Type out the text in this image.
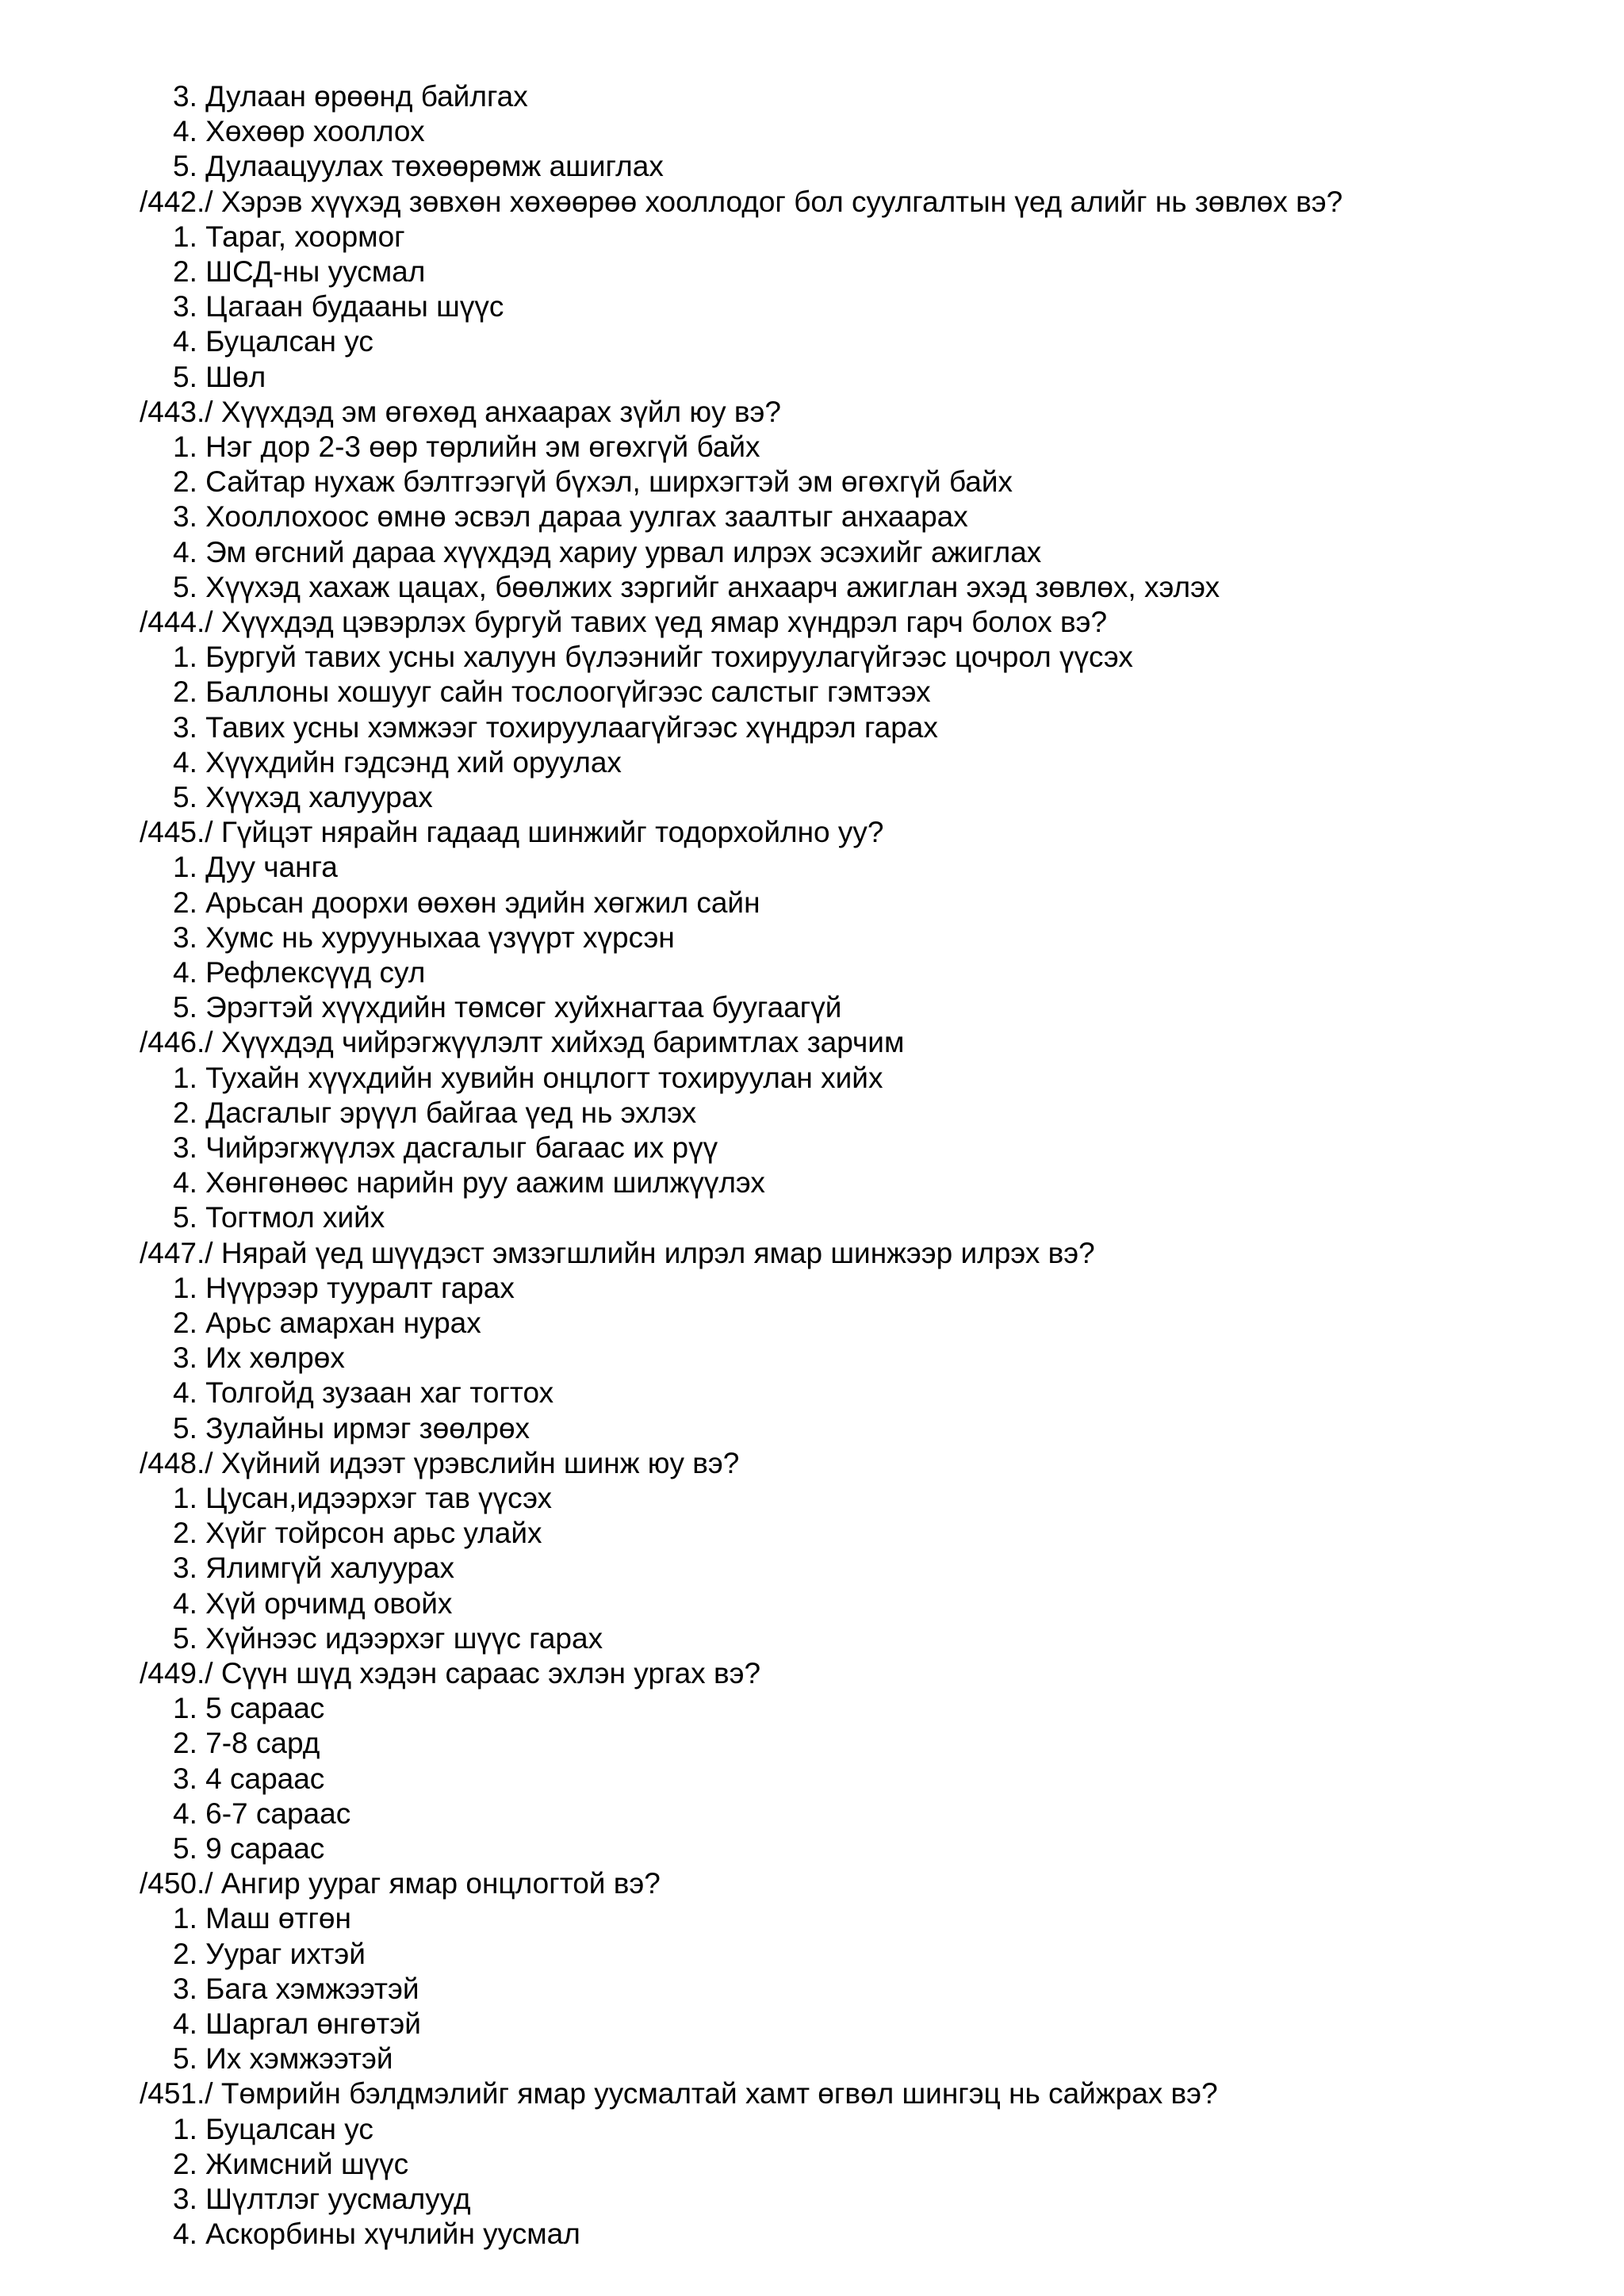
3. Дулаан өрөөнд байлгах
4. Хөхөөр хооллох
5. Дулаацуулах төхөөрөмж ашиглах
/442./ Хэрэв хүүхэд зөвхөн хөхөөрөө хооллодог бол суулгалтын үед алийг нь зөвлөх вэ?
1. Тараг, хоормог
2. ШСД-ны уусмал
3. Цагаан будааны шүүс
4. Буцалсан ус
5. Шөл
/443./ Хүүхдэд эм өгөхөд анхаарах зүйл юу вэ?
1. Нэг дор 2-3 өөр төрлийн эм өгөхгүй байх
2. Сайтар нухаж бэлтгээгүй бүхэл, ширхэгтэй эм өгөхгүй байх
3. Хооллохоос өмнө эсвэл дараа уулгах заалтыг анхаарах
4. Эм өгсний дараа хүүхдэд хариу урвал илрэх эсэхийг ажиглах
5. Хүүхэд хахаж цацах, бөөлжих зэргийг анхаарч ажиглан эхэд зөвлөх, хэлэх
/444./ Хүүхдэд цэвэрлэх бургуй тавих үед ямар хүндрэл гарч болох вэ?
1. Бургуй тавих усны халуун бүлээнийг тохируулагүйгээс цочрол үүсэх
2. Баллоны хошууг сайн тослоогүйгээс салстыг гэмтээх
3. Тавих усны хэмжээг тохируулаагүйгээс хүндрэл гарах
4. Хүүхдийн гэдсэнд хий оруулах
5. Хүүхэд халуурах
/445./ Гүйцэт нярайн гадаад шинжийг тодорхойлно уу?
1. Дуу чанга
2. Арьсан доорхи өөхөн эдийн хөгжил сайн
3. Хумс нь хурууныхаа үзүүрт хүрсэн
4. Рефлексүүд сул
5. Эрэгтэй хүүхдийн төмсөг хуйхнагтаа буугаагүй
/446./ Хүүхдэд чийрэгжүүлэлт хийхэд баримтлах зарчим
1. Тухайн хүүхдийн хувийн онцлогт тохируулан хийх
2. Дасгалыг эрүүл байгаа үед нь эхлэх
3. Чийрэгжүүлэх дасгалыг багаас их рүү
4. Хөнгөнөөс нарийн руу аажим шилжүүлэх
5. Тогтмол хийх
/447./ Нярай үед шүүдэст эмзэгшлийн илрэл ямар шинжээр илрэх вэ?
1. Нүүрээр тууралт гарах
2. Арьс амархан нурах
3. Их хөлрөх
4. Толгойд зузаан хаг тогтох
5. Зулайны ирмэг зөөлрөх
/448./ Хүйний идээт үрэвслийн шинж юу вэ?
1. Цусан,идээрхэг тав үүсэх
2. Хүйг тойрсон арьс улайх
3. Ялимгүй халуурах
4. Хүй орчимд овойх
5. Хүйнээс идээрхэг шүүс гарах
/449./ Сүүн шүд хэдэн сараас эхлэн ургах вэ?
1. 5 сараас
2. 7-8 сард
3. 4 сараас
4. 6-7 сараас
5. 9 сараас
/450./ Ангир уураг ямар онцлогтой вэ?
1. Маш өтгөн
2. Уураг ихтэй
3. Бага хэмжээтэй
4. Шаргал өнгөтэй
5. Их хэмжээтэй
/451./ Төмрийн бэлдмэлийг ямар уусмалтай хамт өгвөл шингэц нь сайжрах вэ?
1. Буцалсан ус
2. Жимсний шүүс
3. Шүлтлэг уусмалууд
4. Аскорбины хүчлийн уусмал
